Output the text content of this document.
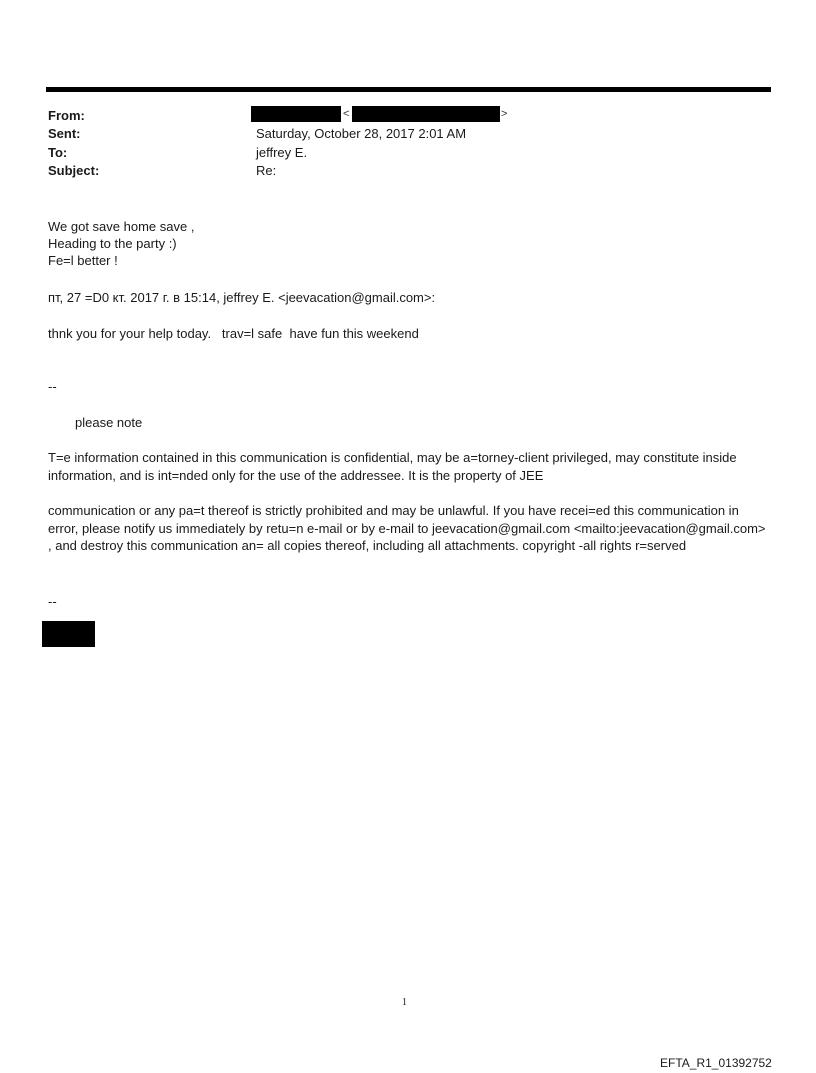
From:	<	>
Sent:	Saturday, October 28, 2017 2:01 AM
To:	jeffrey E.
Subject:	Re:
We got save home save ,
Heading to the party :)
Fe=l better !
пт, 27 =D0 кт. 2017 г. в 15:14, jeffrey E. <jeevacation@gmail.com>:
thnk you for your help today.   trav=l safe  have fun this weekend
--
please note
T=e information contained in this communication is confidential, may be a=torney-client privileged, may constitute inside information, and is int=nded only for the use of the addressee. It is the property of JEE
communication or any pa=t thereof is strictly prohibited and may be unlawful. If you have recei=ed this communication in error, please notify us immediately by retu=n e-mail or by e-mail to jeevacation@gmail.com <mailto:jeevacation@gmail.com> , and destroy this communication an= all copies thereof, including all attachments. copyright -all rights r=served
--
1
EFTA_R1_01392752
